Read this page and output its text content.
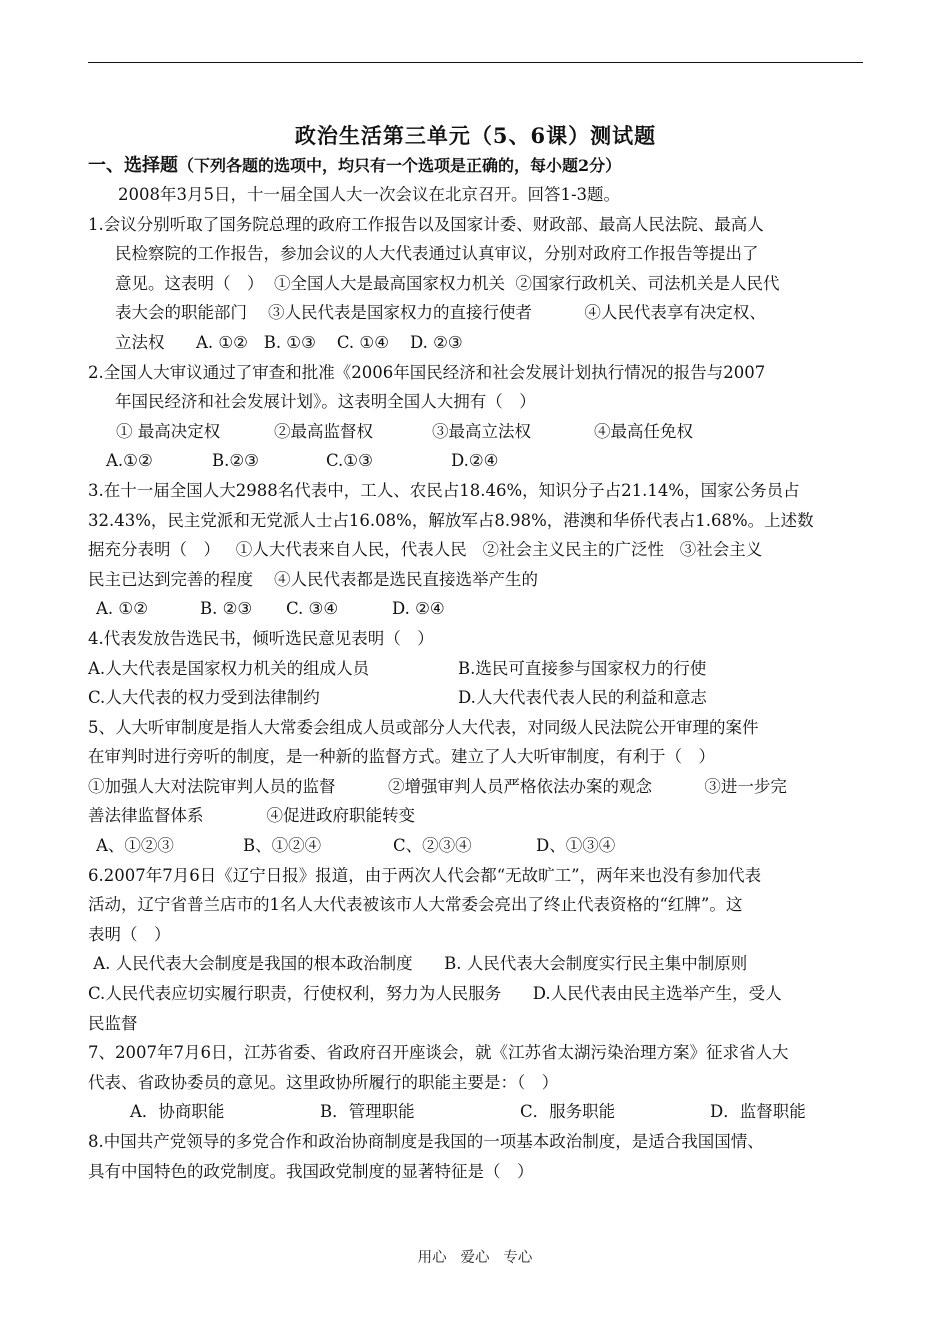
政治生活第三单元（5、6课）测试题

一、选择题（下列各题的选项中，均只有一个选项是正确的，每小题2分）

2008年3月5日，十一届全国人大一次会议在北京召开。回答1-3题。

1.会议分别听取了国务院总理的政府工作报告以及国家计委、财政部、最高人民法院、最高人

民检察院的工作报告，参加会议的人大代表通过认真审议，分别对政府工作报告等提出了

意见。这表明（　）  ①全国人大是最高国家权力机关  ②国家行政机关、司法机关是人民代

表大会的职能部门    ③人民代表是国家权力的直接行使者          ④人民代表享有决定权、

立法权      A. ①②   B. ①③    C. ①④    D. ②③

2.全国人大审议通过了审查和批准《2006年国民经济和社会发展计划执行情况的报告与2007

年国民经济和社会发展计划》。这表明全国人大拥有（　）

① 最高决定权	②最高监督权	③最高立法权	④最高任免权
A.①②	B.②③	C.①③	D.②④

3.在十一届全国人大2988名代表中，工人、农民占18.46%，知识分子占21.14%，国家公务员占

32.43%，民主党派和无党派人士占16.08%，解放军占8.98%，港澳和华侨代表占1.68%。上述数

据充分表明（　）   ①人大代表来自人民，代表人民   ②社会主义民主的广泛性   ③社会主义

民主已达到完善的程度    ④人民代表都是选民直接选举产生的

A. ①②	B. ②③	C. ③④	D. ②④

4.代表发放告选民书，倾听选民意见表明（　）

A.人大代表是国家权力机关的组成人员	B.选民可直接参与国家权力的行使
C.人大代表的权力受到法律制约	D.人大代表代表人民的利益和意志

5、人大听审制度是指人大常委会组成人员或部分人大代表，对同级人民法院公开审理的案件

在审判时进行旁听的制度，是一种新的监督方式。建立了人大听审制度，有利于（　）

①加强人大对法院审判人员的监督          ②增强审判人员严格依法办案的观念          ③进一步完

善法律监督体系            ④促进政府职能转变

A、①②③	B、①②④	C、②③④	D、①③④

6.2007年7月6日《辽宁日报》报道，由于两次人代会都“无故旷工”，两年来也没有参加代表

活动，辽宁省普兰店市的1名人大代表被该市人大常委会亮出了终止代表资格的“红牌”。这

表明（　）

A. 人民代表大会制度是我国的根本政治制度      B. 人民代表大会制度实行民主集中制原则

C.人民代表应切实履行职责，行使权利，努力为人民服务      D.人民代表由民主选举产生，受人

民监督

7、2007年7月6日，江苏省委、省政府召开座谈会，就《江苏省太湖污染治理方案》征求省人大

代表、省政协委员的意见。这里政协所履行的职能主要是：（　）

A．协商职能	B．管理职能	C．服务职能	D．监督职能

8.中国共产党领导的多党合作和政治协商制度是我国的一项基本政治制度，是适合我国国情、

具有中国特色的政党制度。我国政党制度的显著特征是（　）

用心   爱心   专心
